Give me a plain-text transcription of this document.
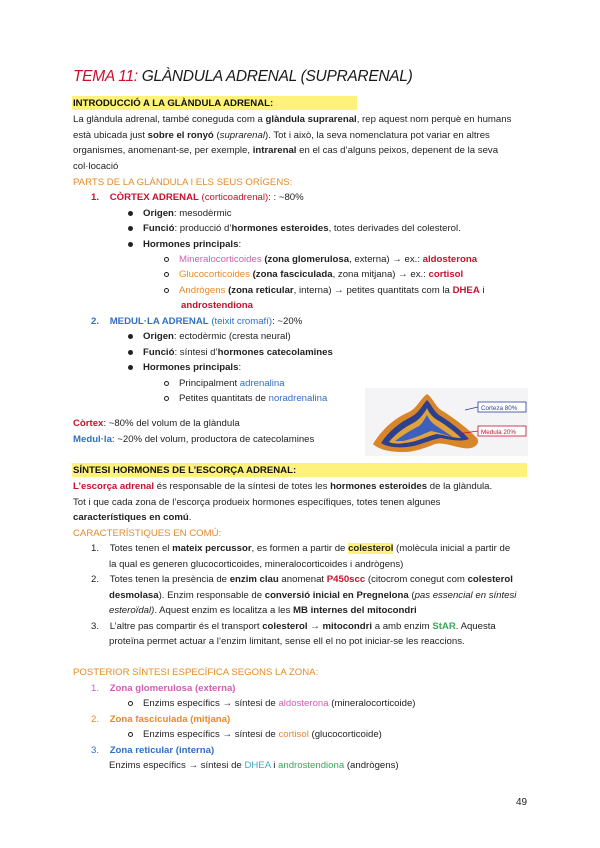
TEMA 11: GLÀNDULA ADRENAL (SUPRARENAL)
INTRODUCCIÓ A LA GLÀNDULA ADRENAL:
La glàndula adrenal, també coneguda com a glàndula suprarenal, rep aquest nom perquè en humans
està ubicada just sobre el ronyó (suprarenal). Tot i això, la seva nomenclatura pot variar en altres
organismes, anomenant-se, per exemple, intrarenal en el cas d’alguns peixos, depenent de la seva
col·locació
PARTS DE LA GLÀNDULA I ELS SEUS ORÍGENS:
1. CÒRTEX ADRENAL (corticoadrenal): : ~80%
Origen: mesodèrmic
Funció: producció d’hormones esteroides, totes derivades del colesterol.
Hormones principals:
Mineralocorticoides (zona glomerulosa, externa) → ex.: aldosterona
Glucocorticoides (zona fasciculada, zona mitjana) → ex.: cortisol
Andrògens (zona reticular, interna) → petites quantitats com la DHEA i
androstendiona
2. MEDUL·LA ADRENAL (teixit cromafí): ~20%
Origen: ectodèrmic (cresta neural)
Funció: síntesi d’hormones catecolamines
Hormones principals:
Principalment adrenalina
Petites quantitats de noradrenalina
Còrtex: ~80% del volum de la glàndula
Medul·la: ~20% del volum, productora de catecolamines
Corteza 80%
Medula 20%
SÍNTESI HORMONES DE L’ESCORÇA ADRENAL:
L’escorça adrenal és responsable de la síntesi de totes les hormones esteroides de la glàndula.
Tot i que cada zona de l’escorça produeix hormones específiques, totes tenen algunes
característiques en comú.
CARACTERÍSTIQUES EN COMÚ:
1. Totes tenen el mateix percussor, es formen a partir de colesterol (molècula inicial a partir de
la qual es generen glucocorticoides, mineralocorticoides i andrògens)
2. Totes tenen la presència de enzim clau anomenat P450scc (citocrom conegut com colesterol
desmolasa). Enzim responsable de conversió inicial en Pregnelona (pas essencial en síntesi
esteroïdal). Aquest enzim es localitza a les MB internes del mitocondri
3. L’altre pas compartir és el transport colesterol → mitocondri a amb enzim StAR. Aquesta
proteïna permet actuar a l’enzim limitant, sense ell el no pot iniciar-se les reaccions.
POSTERIOR SÍNTESI ESPECÍFICA SEGONS LA ZONA:
1. Zona glomerulosa (externa)
Enzims específics → síntesi de aldosterona (mineralocorticoide)
2. Zona fasciculada (mitjana)
Enzims específics → síntesi de cortisol (glucocorticoide)
3. Zona reticular (interna)
Enzims específics → síntesi de DHEA i androstendiona (andrògens)
49
